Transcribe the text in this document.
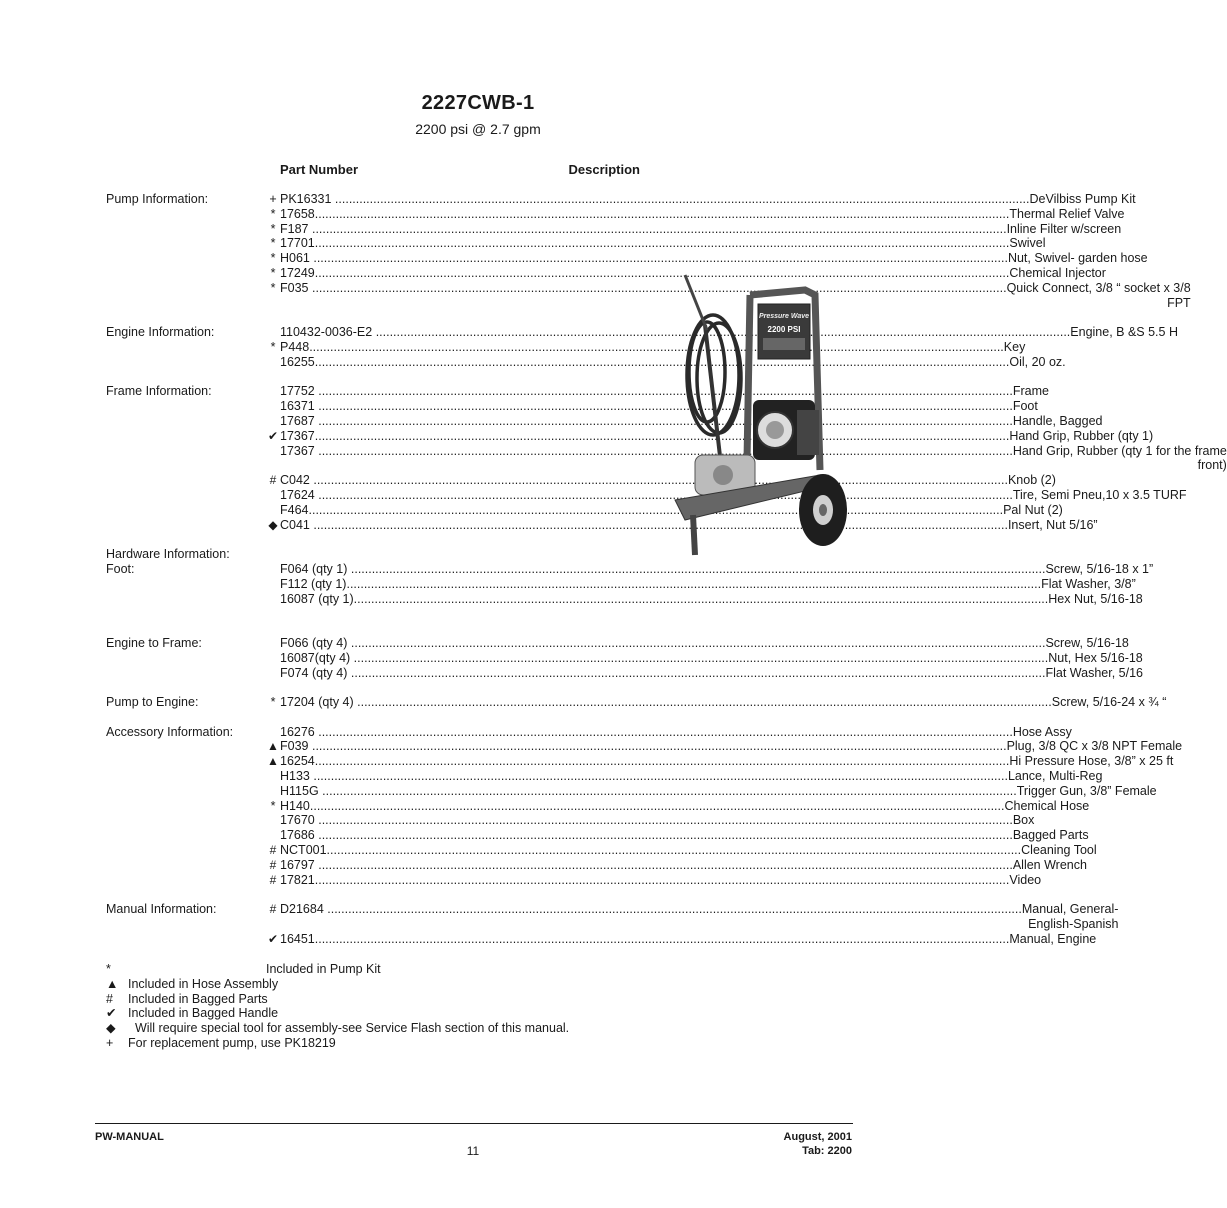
2227CWB-1
2200 psi @ 2.7 gpm
Part Number	Description
Pump Information:	+ PK16331 .....	DeVilbiss Pump Kit
* 17658 .....	Thermal Relief Valve
* F187 .....	Inline Filter w/screen
* 17701 .....	Swivel
* H061 .....	Nut, Swivel- garden hose
* 17249 .....	Chemical Injector
* F035 .....	Quick Connect, 3/8 “ socket x 3/8
FPT
Engine Information:	110432-0036-E2 .....	Engine, B &S 5.5 H
* P448 .....	Key
16255 .....	Oil, 20 oz.
Frame Information:	17752 .....	Frame
16371 .....	Foot
17687 .....	Handle, Bagged
✔ 17367 .....	Hand Grip, Rubber (qty 1)
17367 .....	Hand Grip, Rubber (qty 1 for the frame
front)
# C042 .....	Knob (2)
17624 .....	Tire, Semi Pneu,10 x 3.5 TURF
F464 .....	Pal Nut (2)
◆ C041 .....	Insert, Nut 5/16”
Hardware Information:
Foot:	F064 (qty 1) .....	Screw, 5/16-18 x 1”
F112 (qty 1) .....	Flat Washer, 3/8”
16087 (qty 1) .....	Hex Nut, 5/16-18
Engine to Frame:	F066 (qty 4) .....	Screw, 5/16-18
16087(qty 4) .....	Nut, Hex 5/16-18
F074 (qty 4) .....	Flat Washer, 5/16
Pump to Engine:	* 17204 (qty 4) .....	Screw, 5/16-24 x ¾ “
Accessory Information:	16276 .....	Hose Assy
▲ F039 .....	Plug, 3/8 QC x 3/8 NPT Female
▲ 16254 .....	Hi Pressure Hose, 3/8” x 25 ft
H133 .....	Lance, Multi-Reg
H115G .....	Trigger Gun, 3/8” Female
* H140 .....	Chemical Hose
17670 .....	Box
17686 .....	Bagged Parts
# NCT001 .....	Cleaning Tool
# 16797 .....	Allen Wrench
# 17821 .....	Video
Manual Information:	# D21684 .....	Manual, General-
English-Spanish
✔ 16451 .....	Manual, Engine
*	Included in Pump Kit
▲ Included in Hose Assembly
#	Included in Bagged Parts
✔ Included in Bagged Handle
◆ Will require special tool for assembly-see Service Flash section of this manual.
+	For replacement pump, use PK18219
Pressure Wave
2200 PSI
PW-MANUAL
11
August, 2001
Tab: 2200
